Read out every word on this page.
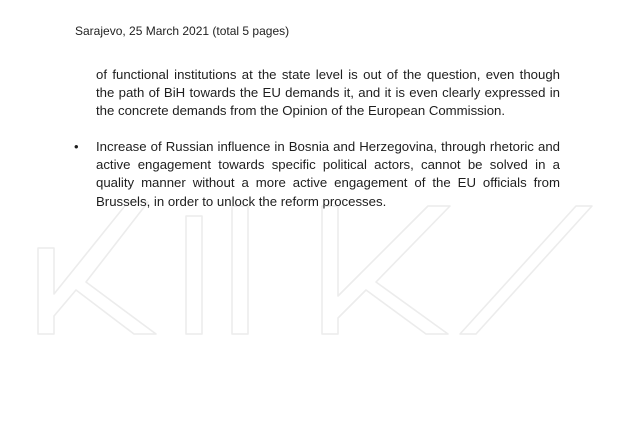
Sarajevo, 25 March 2021 (total 5 pages)

of functional institutions at the state level is out of the question, even though the path of BiH towards the EU demands it, and it is even clearly expressed in the concrete demands from the Opinion of the European Commission.

• Increase of Russian influence in Bosnia and Herzegovina, through rhetoric and active engagement towards specific political actors, cannot be solved in a quality manner without a more active engagement of the EU officials from Brussels, in order to unlock the reform processes.
